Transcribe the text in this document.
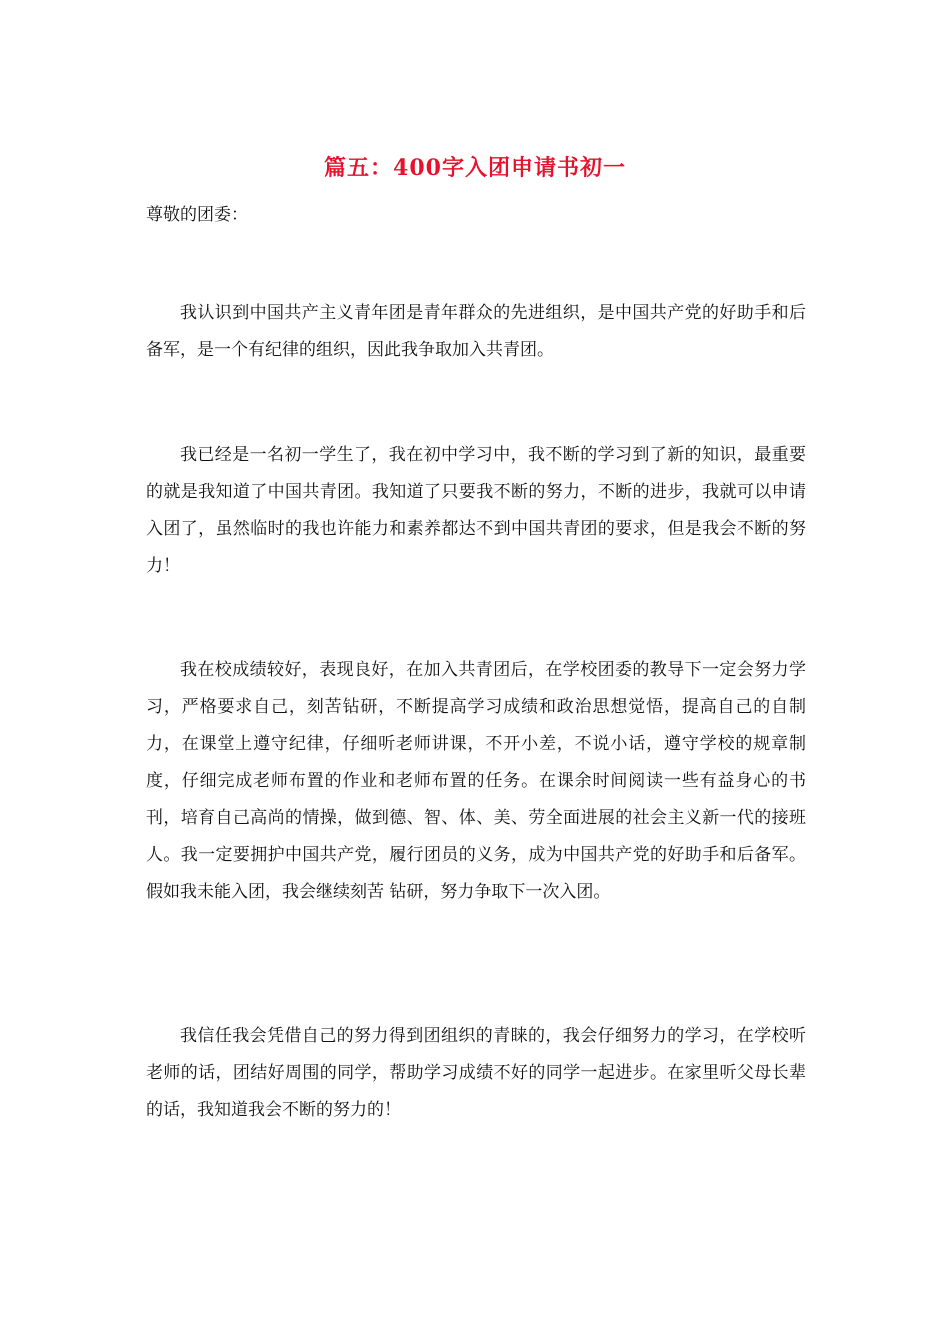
篇五：400字入团申请书初一
尊敬的团委：

我认识到中国共产主义青年团是青年群众的先进组织，是中国共产党的好助手和后备军，是一个有纪律的组织，因此我争取加入共青团。

我已经是一名初一学生了，我在初中学习中，我不断的学习到了新的知识，最重要的就是我知道了中国共青团。我知道了只要我不断的努力，不断的进步，我就可以申请入团了，虽然临时的我也许能力和素养都达不到中国共青团的要求，但是我会不断的努力！

我在校成绩较好，表现良好，在加入共青团后，在学校团委的教导下一定会努力学习，严格要求自己，刻苦钻研，不断提高学习成绩和政治思想觉悟，提高自己的自制力，在课堂上遵守纪律，仔细听老师讲课，不开小差，不说小话，遵守学校的规章制度，仔细完成老师布置的作业和老师布置的任务。在课余时间阅读一些有益身心的书刊，培育自己高尚的情操，做到德、智、体、美、劳全面进展的社会主义新一代的接班人。我一定要拥护中国共产党，履行团员的义务，成为中国共产党的好助手和后备军。假如我未能入团，我会继续刻苦 钻研，努力争取下一次入团。

我信任我会凭借自己的努力得到团组织的青睐的，我会仔细努力的学习，在学校听老师的话，团结好周围的同学，帮助学习成绩不好的同学一起进步。在家里听父母长辈的话，我知道我会不断的努力的！
